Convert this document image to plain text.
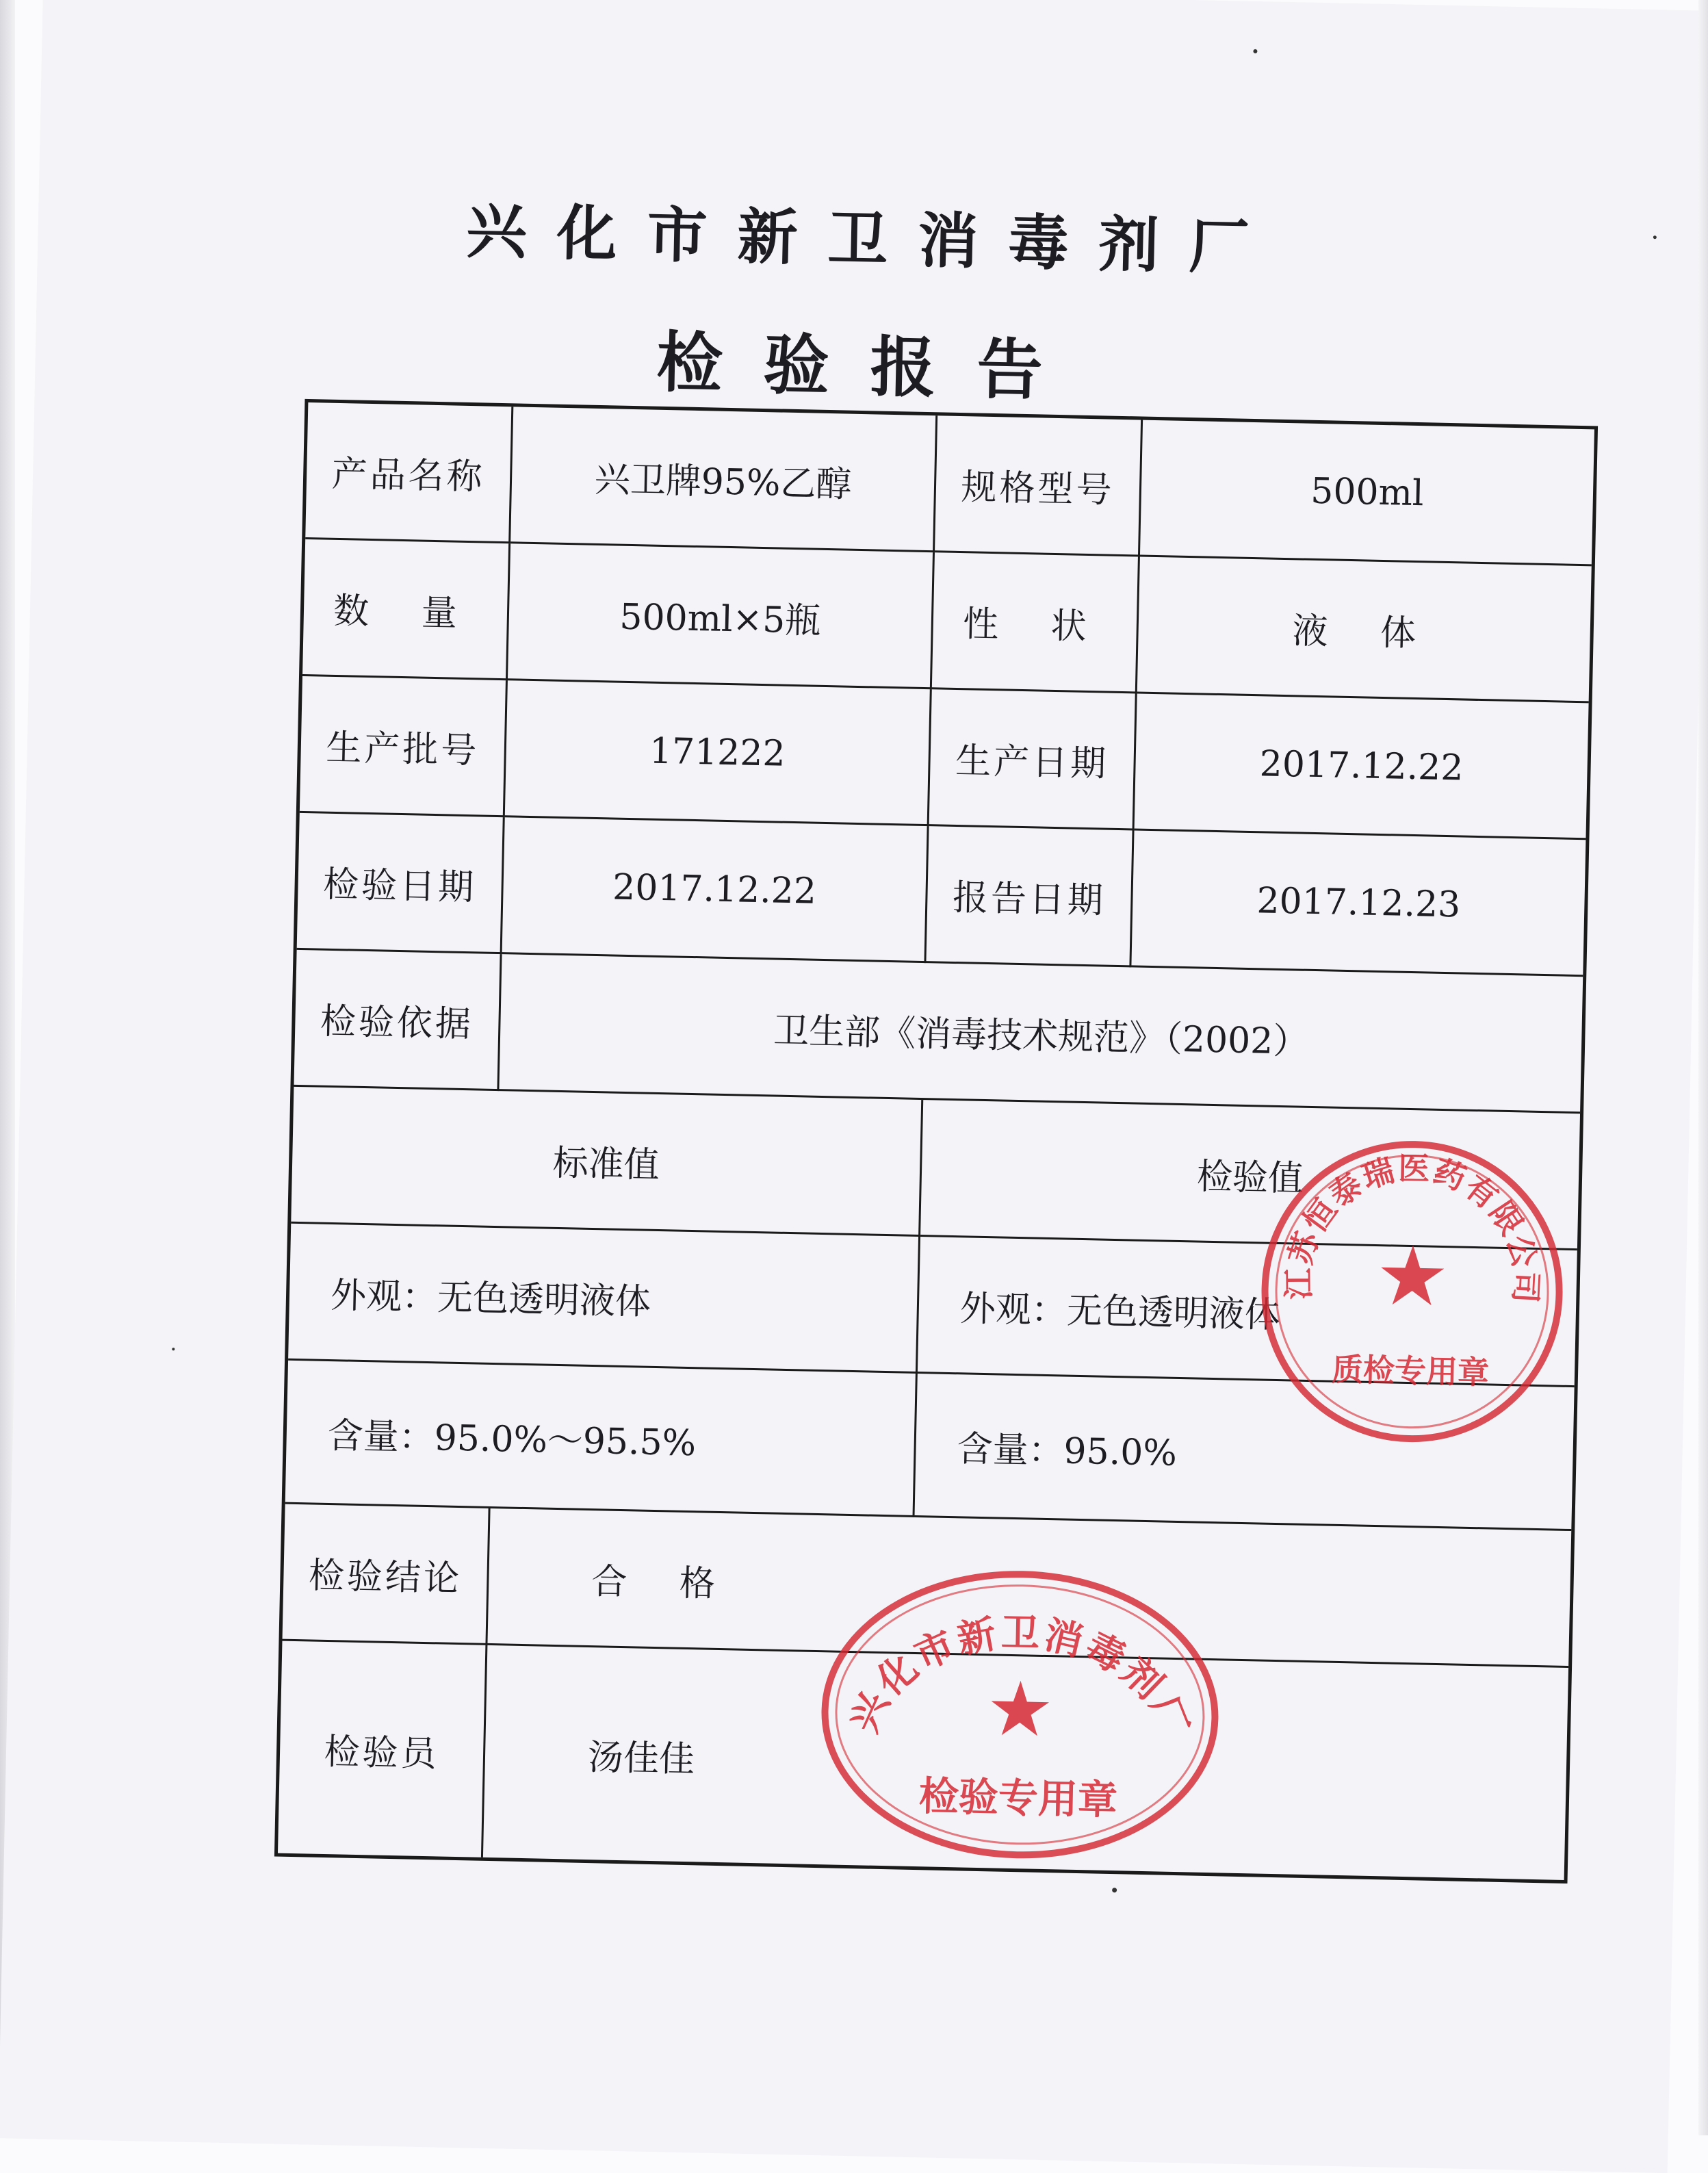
兴化市新卫消毒剂厂
检验报告
产品名称	兴卫牌95%乙醇	规格型号	500ml
数 量	500ml×5瓶	性 状	液 体
生产批号	171222	生产日期	2017.12.22
检验日期	2017.12.22	报告日期	2017.12.23
检验依据	卫生部《消毒技术规范》（2002）
标准值	检验值
外观：无色透明液体	外观：无色透明液体
含量：95.0%～95.5%	含量：95.0%
检验结论	合 格
检验员	汤佳佳
江苏恒泰瑞医药有限公司
★
质检专用章
兴化市新卫消毒剂厂
★
检验专用章
